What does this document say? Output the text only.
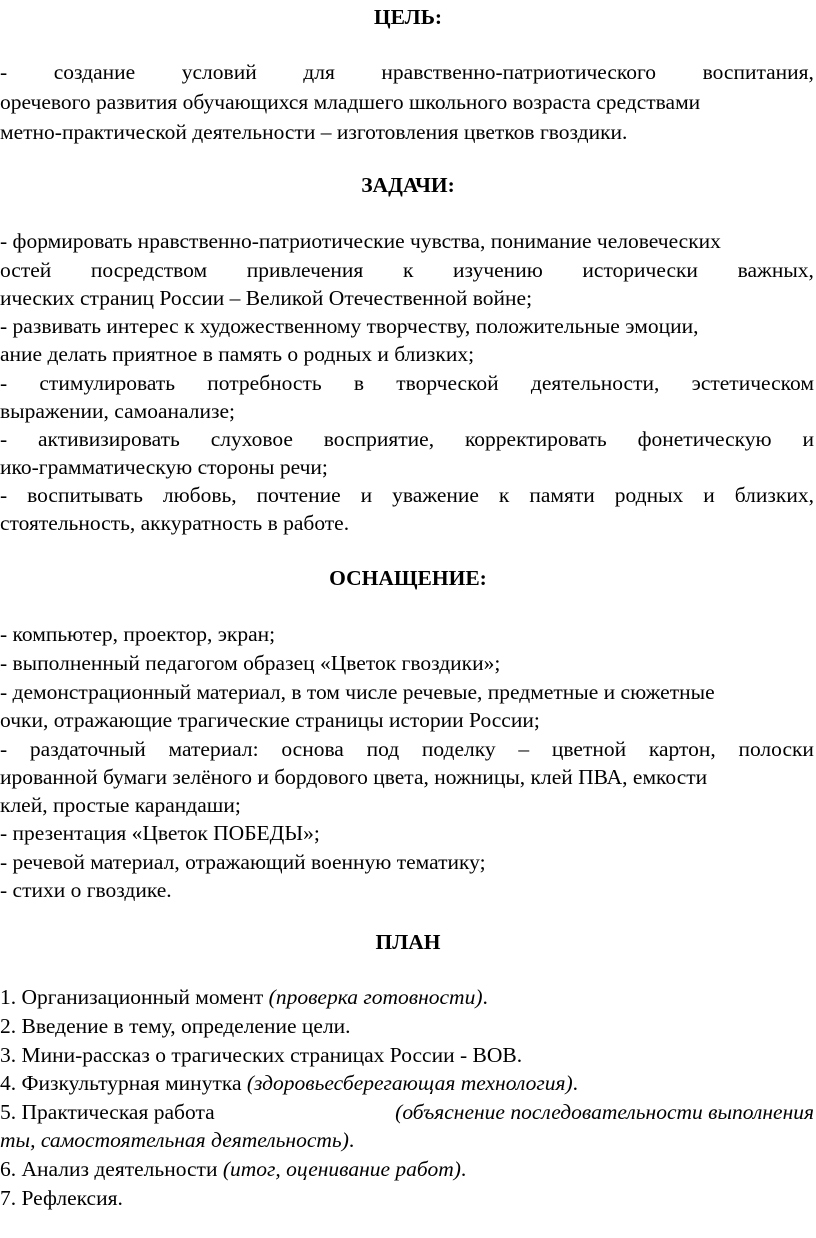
ЦЕЛЬ:
- создание условий для нравственно-патриотического воспитания,
оречевого развития обучающихся младшего школьного возраста средствами
метно-практической деятельности – изготовления цветков гвоздики.
ЗАДАЧИ:
- формировать нравственно-патриотические чувства, понимание человеческих
остей посредством привлечения к изучению исторически важных,
ических страниц России – Великой Отечественной войне;
- развивать интерес к художественному творчеству, положительные эмоции,
ание делать приятное в память о родных и близких;
- стимулировать потребность в творческой деятельности, эстетическом
выражении, самоанализе;
- активизировать слуховое восприятие, корректировать фонетическую и
ико-грамматическую стороны речи;
- воспитывать любовь, почтение и уважение к памяти родных и близких,
стоятельность, аккуратность в работе.
ОСНАЩЕНИЕ:
- компьютер, проектор, экран;
- выполненный педагогом образец «Цветок гвоздики»;
- демонстрационный материал, в том числе речевые, предметные и сюжетные
очки, отражающие трагические страницы истории России;
- раздаточный материал: основа под поделку – цветной картон, полоски
ированной бумаги зелёного и бордового цвета, ножницы, клей ПВА, емкости
клей, простые карандаши;
- презентация «Цветок ПОБЕДЫ»;
- речевой материал, отражающий военную тематику;
- стихи о гвоздике.
ПЛАН
1. Организационный момент (проверка готовности).
2. Введение в тему, определение цели.
3. Мини-рассказ о трагических страницах России - ВОВ.
4. Физкультурная минутка (здоровьесберегающая технология).
5. Практическая работа	(объяснение последовательности выполнения
ты, самостоятельная деятельность).
6. Анализ деятельности (итог, оценивание работ).
7. Рефлексия.
